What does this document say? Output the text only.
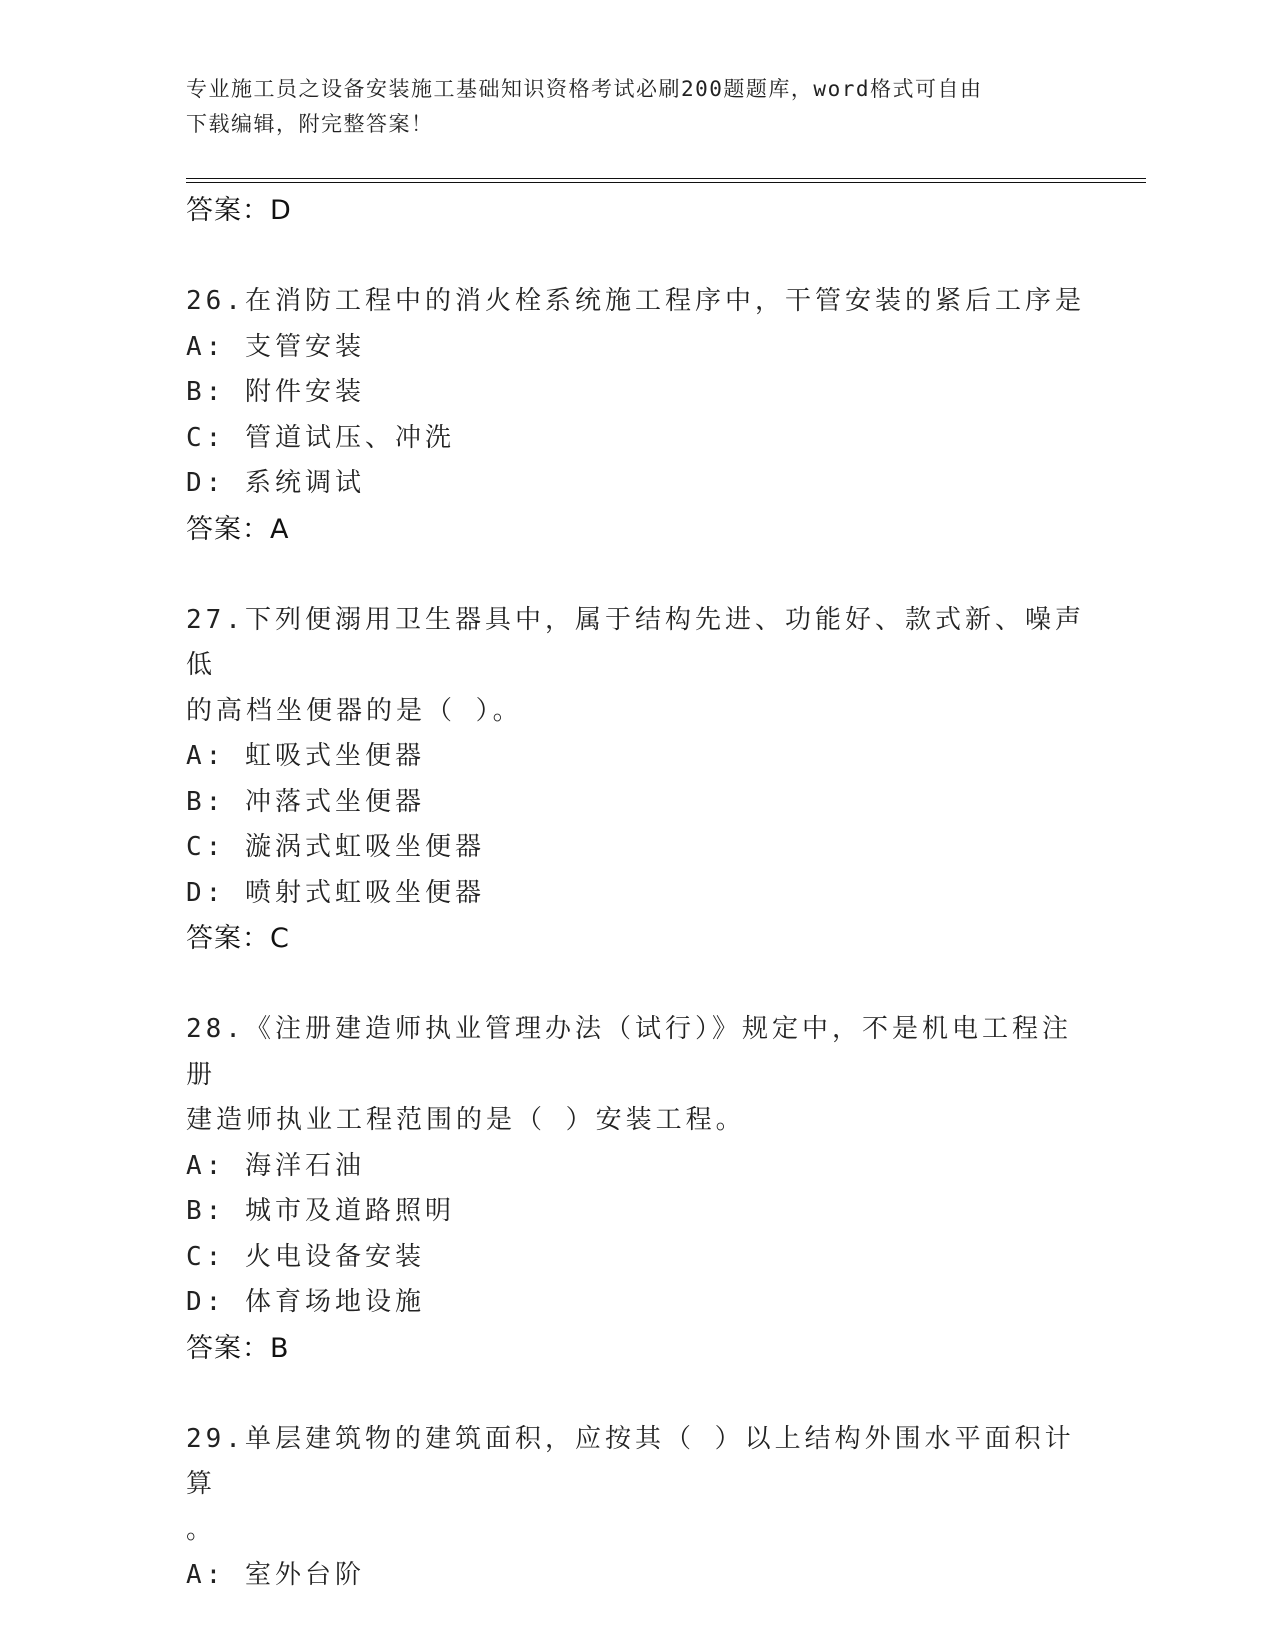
专业施工员之设备安装施工基础知识资格考试必刷200题题库，word格式可自由
下载编辑，附完整答案！
答案：D
26.在消防工程中的消火栓系统施工程序中，干管安装的紧后工序是
A: 支管安装
B: 附件安装
C: 管道试压、冲洗
D: 系统调试
答案：A
27.下列便溺用卫生器具中，属于结构先进、功能好、款式新、噪声低
的高档坐便器的是（ ）。
A: 虹吸式坐便器
B: 冲落式坐便器
C: 漩涡式虹吸坐便器
D: 喷射式虹吸坐便器
答案：C
28.《注册建造师执业管理办法（试行）》规定中，不是机电工程注册
建造师执业工程范围的是（ ）安装工程。
A: 海洋石油
B: 城市及道路照明
C: 火电设备安装
D: 体育场地设施
答案：B
29.单层建筑物的建筑面积，应按其（ ）以上结构外围水平面积计算
。
A: 室外台阶
